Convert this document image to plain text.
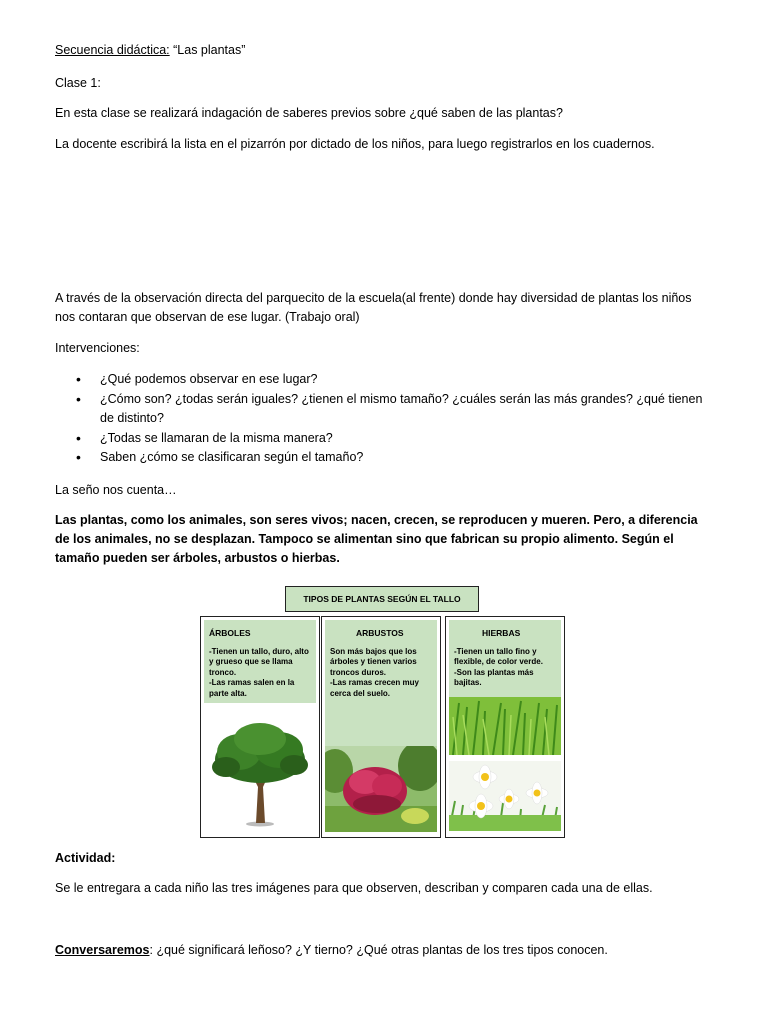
Secuencia didáctica: “Las plantas”

Clase 1:

En esta clase se realizará indagación de saberes previos sobre ¿qué saben de las plantas?

La docente escribirá la lista en el pizarrón por dictado de los niños, para luego registrarlos en los cuadernos.

A través de la observación directa del parquecito de la escuela(al frente) donde hay diversidad de plantas los niños nos contaran que observan de ese lugar. (Trabajo oral)

Intervenciones:

• ¿Qué podemos observar en ese lugar?
• ¿Cómo son? ¿todas serán iguales? ¿tienen el mismo tamaño? ¿cuáles serán las más grandes? ¿qué tienen de distinto?
• ¿Todas se llamaran de la misma manera?
• Saben ¿cómo se clasificaran según el tamaño?

La seño nos cuenta…

Las plantas, como los animales, son seres vivos; nacen, crecen, se reproducen y mueren. Pero, a diferencia de los animales, no se desplazan. Tampoco se alimentan sino que fabrican su propio alimento. Según el tamaño pueden ser árboles, arbustos o hierbas.

TIPOS DE PLANTAS SEGÚN EL TALLO
ÁRBOLES
-Tienen un tallo, duro, alto y grueso que se llama tronco.
-Las ramas salen en la parte alta.
ARBUSTOS
Son más bajos que los árboles y tienen varios troncos duros.
-Las ramas crecen muy cerca del suelo.
HIERBAS
-Tienen un tallo fino y flexible, de color verde.
-Son las plantas más bajitas.

Actividad:

Se le entregara a cada niño las tres imágenes para que observen, describan y comparen cada una de ellas.

Conversaremos: ¿qué significará leñoso? ¿Y tierno? ¿Qué otras plantas de los tres tipos conocen.
